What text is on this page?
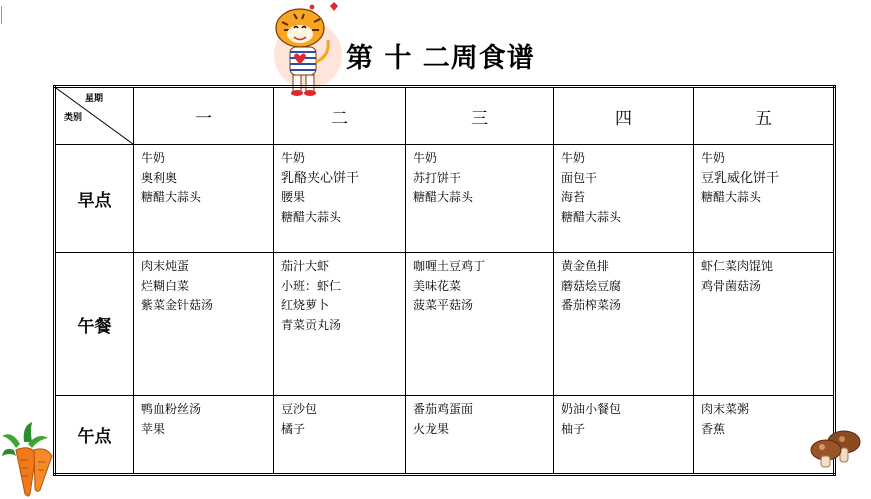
第 十 二周食谱
星期
类别	一	二	三	四	五
早点	牛奶
奥利奥
糖醋大蒜头	牛奶
乳酪夹心饼干
腰果
糖醋大蒜头	牛奶
苏打饼干
糖醋大蒜头	牛奶
面包干
海苔
糖醋大蒜头	牛奶
豆乳威化饼干
糖醋大蒜头

午餐	肉末炖蛋
烂糊白菜
紫菜金针菇汤	茄汁大虾
小班：虾仁
红烧萝卜
青菜贡丸汤	咖喱土豆鸡丁
美味花菜
菠菜平菇汤	黄金鱼排
蘑菇烩豆腐
番茄榨菜汤	虾仁菜肉馄饨
鸡骨菌菇汤

午点	鸭血粉丝汤
苹果	豆沙包
橘子	番茄鸡蛋面
火龙果	奶油小餐包
柚子	肉末菜粥
香蕉
